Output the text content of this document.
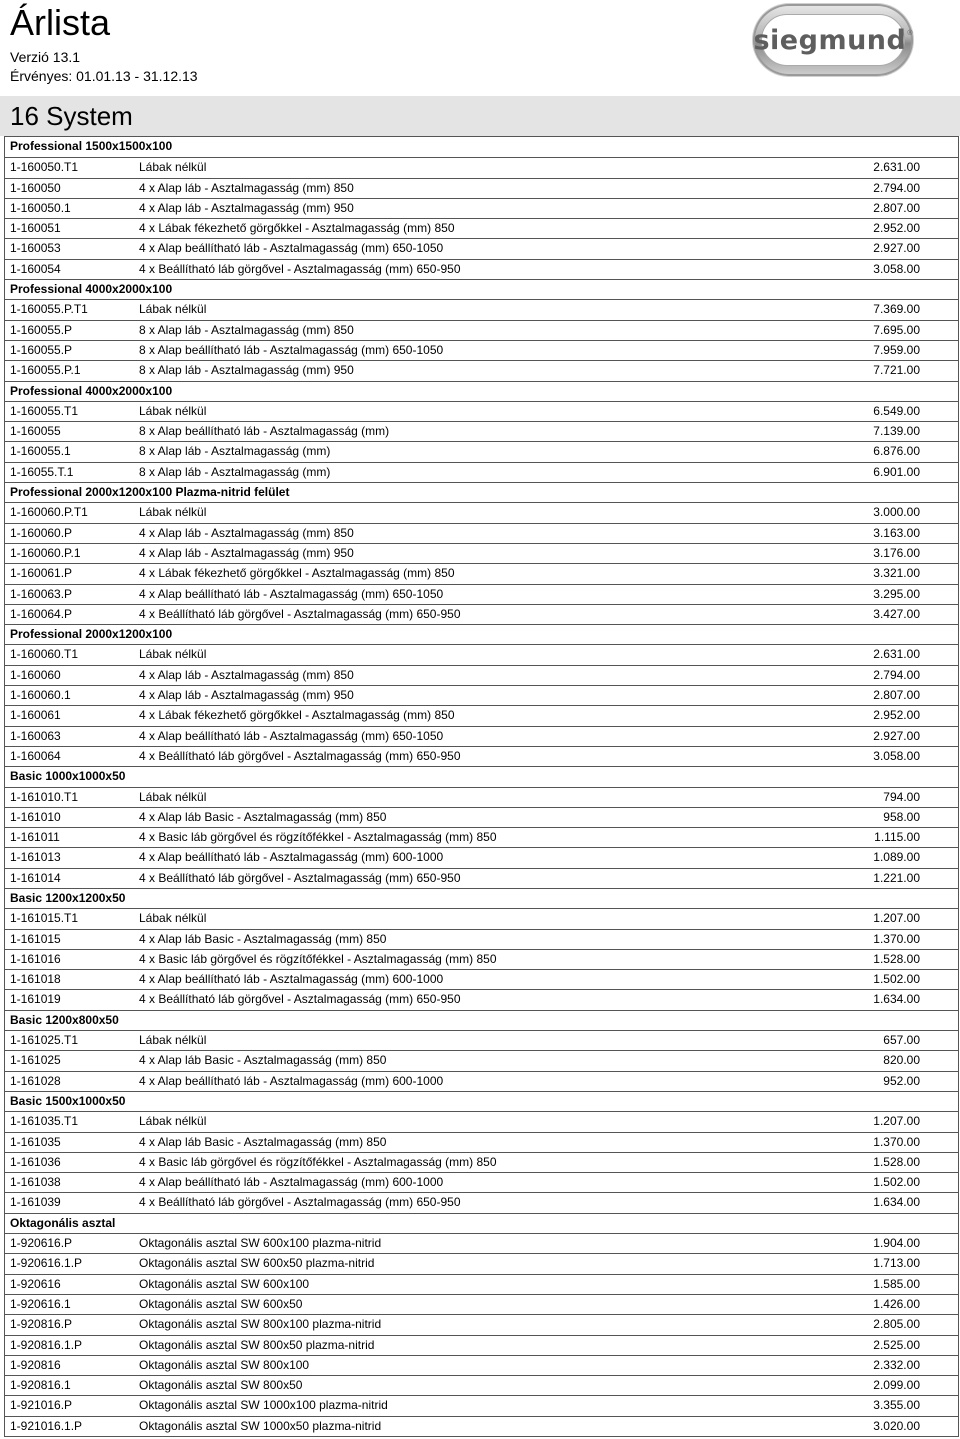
Árlista
Verzió 13.1
Érvényes: 01.01.13 - 31.12.13
siegmund ®
16 System
Professional 1500x1500x100
1-160050.T1	Lábak nélkül	2.631.00
1-160050	4 x Alap láb - Asztalmagasság (mm) 850	2.794.00
1-160050.1	4 x Alap láb - Asztalmagasság (mm) 950	2.807.00
1-160051	4 x Lábak fékezhető görgőkkel - Asztalmagasság (mm) 850	2.952.00
1-160053	4 x Alap beállítható láb - Asztalmagasság (mm) 650-1050	2.927.00
1-160054	4 x Beállítható láb görgővel - Asztalmagasság (mm) 650-950	3.058.00
Professional 4000x2000x100
1-160055.P.T1	Lábak nélkül	7.369.00
1-160055.P	8 x Alap láb - Asztalmagasság (mm) 850	7.695.00
1-160055.P	8 x Alap beállítható láb - Asztalmagasság (mm) 650-1050	7.959.00
1-160055.P.1	8 x Alap láb - Asztalmagasság (mm) 950	7.721.00
Professional 4000x2000x100
1-160055.T1	Lábak nélkül	6.549.00
1-160055	8 x Alap beállítható láb - Asztalmagasság (mm)	7.139.00
1-160055.1	8 x Alap láb - Asztalmagasság (mm)	6.876.00
1-16055.T.1	8 x Alap láb - Asztalmagasság (mm)	6.901.00
Professional 2000x1200x100 Plazma-nitrid felület
1-160060.P.T1	Lábak nélkül	3.000.00
1-160060.P	4 x Alap láb - Asztalmagasság (mm) 850	3.163.00
1-160060.P.1	4 x Alap láb - Asztalmagasság (mm) 950	3.176.00
1-160061.P	4 x Lábak fékezhető görgőkkel - Asztalmagasság (mm) 850	3.321.00
1-160063.P	4 x Alap beállítható láb - Asztalmagasság (mm) 650-1050	3.295.00
1-160064.P	4 x Beállítható láb görgővel - Asztalmagasság (mm) 650-950	3.427.00
Professional 2000x1200x100
1-160060.T1	Lábak nélkül	2.631.00
1-160060	4 x Alap láb - Asztalmagasság (mm) 850	2.794.00
1-160060.1	4 x Alap láb - Asztalmagasság (mm) 950	2.807.00
1-160061	4 x Lábak fékezhető görgőkkel - Asztalmagasság (mm) 850	2.952.00
1-160063	4 x Alap beállítható láb - Asztalmagasság (mm) 650-1050	2.927.00
1-160064	4 x Beállítható láb görgővel - Asztalmagasság (mm) 650-950	3.058.00
Basic 1000x1000x50
1-161010.T1	Lábak nélkül	794.00
1-161010	4 x Alap láb Basic - Asztalmagasság (mm) 850	958.00
1-161011	4 x Basic láb görgővel és rögzítőfékkel - Asztalmagasság (mm) 850	1.115.00
1-161013	4 x Alap beállítható láb - Asztalmagasság (mm) 600-1000	1.089.00
1-161014	4 x Beállítható láb görgővel - Asztalmagasság (mm) 650-950	1.221.00
Basic 1200x1200x50
1-161015.T1	Lábak nélkül	1.207.00
1-161015	4 x Alap láb Basic - Asztalmagasság (mm) 850	1.370.00
1-161016	4 x Basic láb görgővel és rögzítőfékkel - Asztalmagasság (mm) 850	1.528.00
1-161018	4 x Alap beállítható láb - Asztalmagasság (mm) 600-1000	1.502.00
1-161019	4 x Beállítható láb görgővel - Asztalmagasság (mm) 650-950	1.634.00
Basic 1200x800x50
1-161025.T1	Lábak nélkül	657.00
1-161025	4 x Alap láb Basic - Asztalmagasság (mm) 850	820.00
1-161028	4 x Alap beállítható láb - Asztalmagasság (mm) 600-1000	952.00
Basic 1500x1000x50
1-161035.T1	Lábak nélkül	1.207.00
1-161035	4 x Alap láb Basic - Asztalmagasság (mm) 850	1.370.00
1-161036	4 x Basic láb görgővel és rögzítőfékkel - Asztalmagasság (mm) 850	1.528.00
1-161038	4 x Alap beállítható láb - Asztalmagasság (mm) 600-1000	1.502.00
1-161039	4 x Beállítható láb görgővel - Asztalmagasság (mm) 650-950	1.634.00
Oktagonális asztal
1-920616.P	Oktagonális asztal SW 600x100 plazma-nitrid	1.904.00
1-920616.1.P	Oktagonális asztal SW 600x50 plazma-nitrid	1.713.00
1-920616	Oktagonális asztal SW 600x100	1.585.00
1-920616.1	Oktagonális asztal SW 600x50	1.426.00
1-920816.P	Oktagonális asztal SW 800x100 plazma-nitrid	2.805.00
1-920816.1.P	Oktagonális asztal SW 800x50 plazma-nitrid	2.525.00
1-920816	Oktagonális asztal SW 800x100	2.332.00
1-920816.1	Oktagonális asztal SW 800x50	2.099.00
1-921016.P	Oktagonális asztal SW 1000x100 plazma-nitrid	3.355.00
1-921016.1.P	Oktagonális asztal SW 1000x50 plazma-nitrid	3.020.00
